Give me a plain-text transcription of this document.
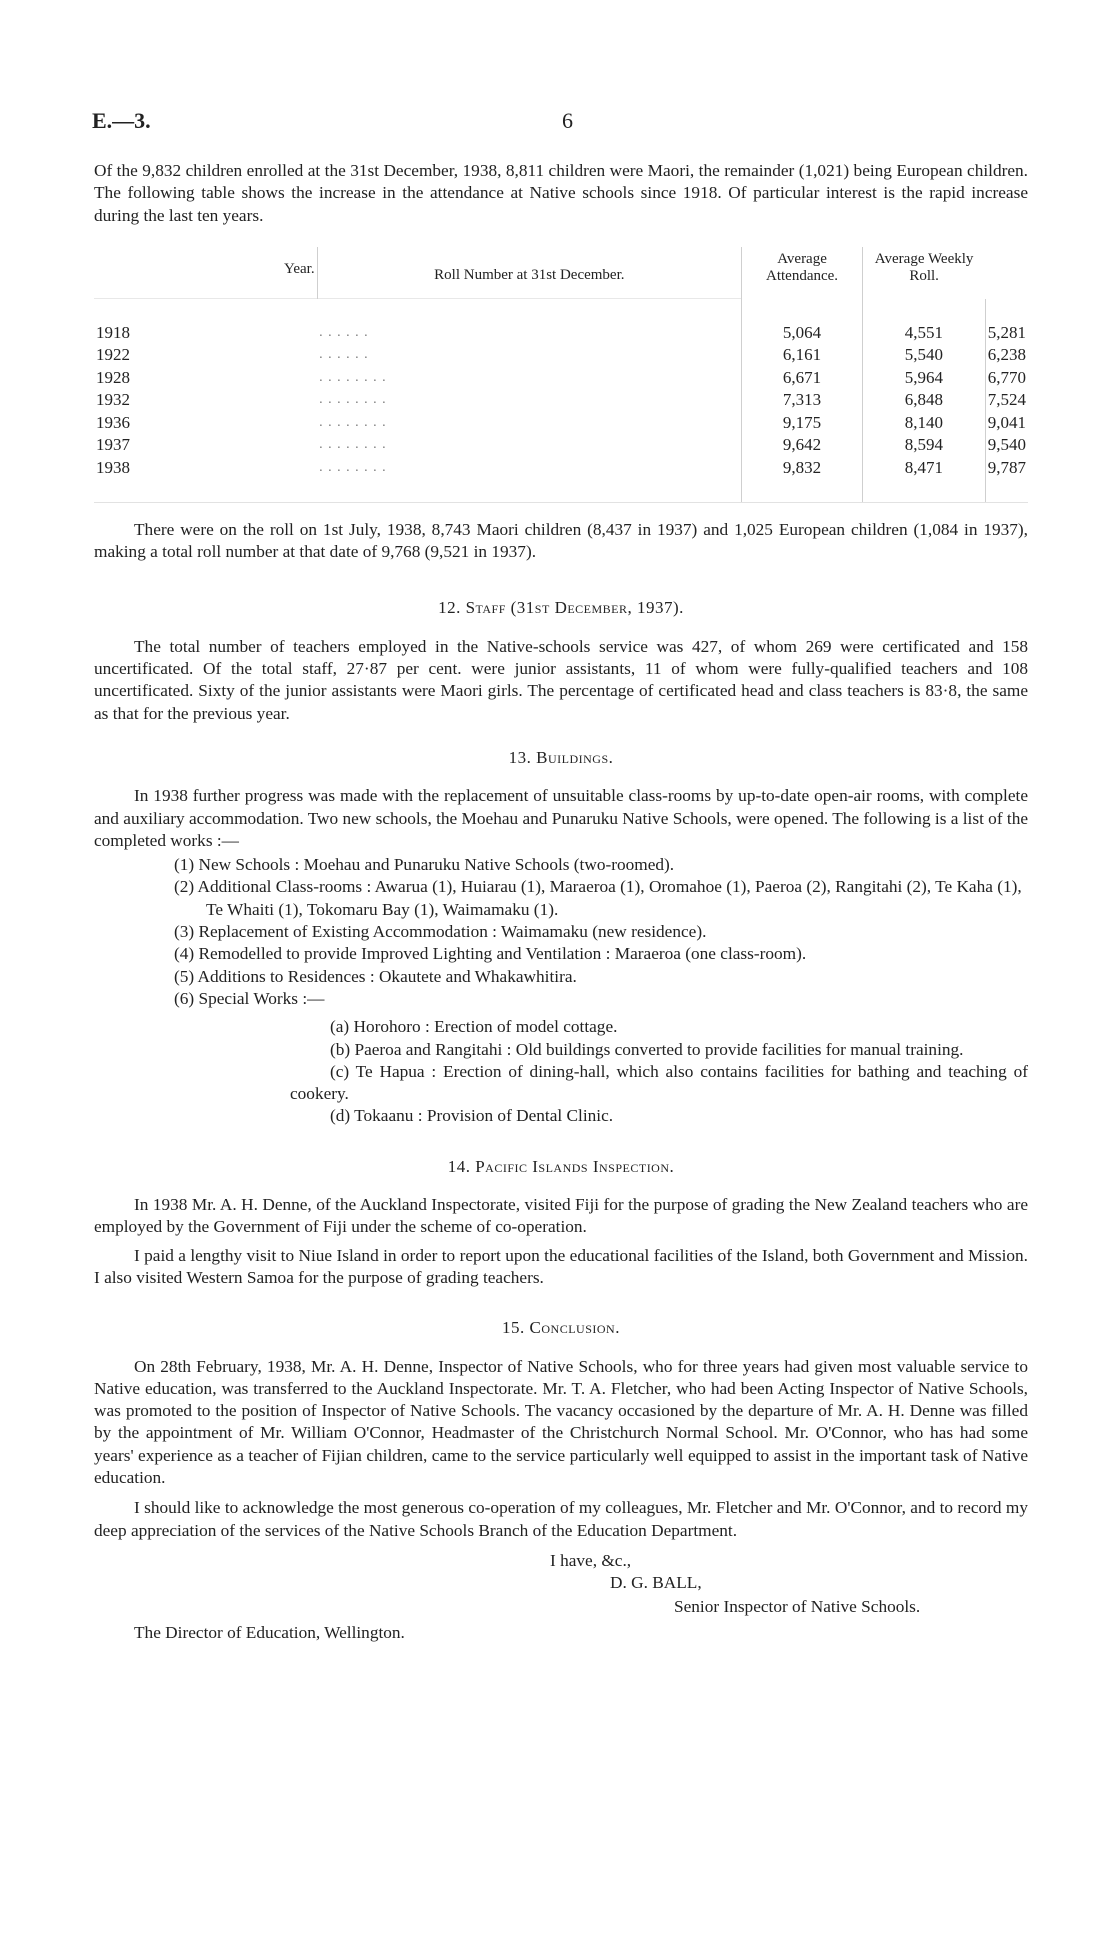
E.—3.	6

Of the 9,832 children enrolled at the 31st December, 1938, 8,811 children were Maori, the remainder (1,021) being European children. The following table shows the increase in the attendance at Native schools since 1918. Of particular interest is the rapid increase during the last ten years.

Year.	Roll Number at 31st December.	Average Attendance.	Average Weekly Roll.	

1918	. . . . . .	5,064	4,551	5,281
1922	. . . . . .	6,161	5,540	6,238
1928	. . . . . . . .	6,671	5,964	6,770
1932	. . . . . . . .	7,313	6,848	7,524
1936	. . . . . . . .	9,175	8,140	9,041
1937	. . . . . . . .	9,642	8,594	9,540
1938	. . . . . . . .	9,832	8,471	9,787

There were on the roll on 1st July, 1938, 8,743 Maori children (8,437 in 1937) and 1,025 European children (1,084 in 1937), making a total roll number at that date of 9,768 (9,521 in 1937).

12. Staff (31st December, 1937).

The total number of teachers employed in the Native-schools service was 427, of whom 269 were certificated and 158 uncertificated. Of the total staff, 27·87 per cent. were junior assistants, 11 of whom were fully-qualified teachers and 108 uncertificated. Sixty of the junior assistants were Maori girls. The percentage of certificated head and class teachers is 83·8, the same as that for the previous year.

13. Buildings.

In 1938 further progress was made with the replacement of unsuitable class-rooms by up-to-date open-air rooms, with complete and auxiliary accommodation. Two new schools, the Moehau and Punaruku Native Schools, were opened. The following is a list of the completed works :—

(1) New Schools : Moehau and Punaruku Native Schools (two-roomed).
(2) Additional Class-rooms : Awarua (1), Huiarau (1), Maraeroa (1), Oromahoe (1), Paeroa (2), Rangitahi (2), Te Kaha (1), Te Whaiti (1), Tokomaru Bay (1), Waimamaku (1).
(3) Replacement of Existing Accommodation : Waimamaku (new residence).
(4) Remodelled to provide Improved Lighting and Ventilation : Maraeroa (one class-room).
(5) Additions to Residences : Okautete and Whakawhitira.
(6) Special Works :—

(a) Horohoro : Erection of model cottage.

(b) Paeroa and Rangitahi : Old buildings converted to provide facilities for manual training.

(c) Te Hapua : Erection of dining-hall, which also contains facilities for bathing and teaching of cookery.

(d) Tokaanu : Provision of Dental Clinic.

14. Pacific Islands Inspection.

In 1938 Mr. A. H. Denne, of the Auckland Inspectorate, visited Fiji for the purpose of grading the New Zealand teachers who are employed by the Government of Fiji under the scheme of co-operation.

I paid a lengthy visit to Niue Island in order to report upon the educational facilities of the Island, both Government and Mission. I also visited Western Samoa for the purpose of grading teachers.

15. Conclusion.

On 28th February, 1938, Mr. A. H. Denne, Inspector of Native Schools, who for three years had given most valuable service to Native education, was transferred to the Auckland Inspectorate. Mr. T. A. Fletcher, who had been Acting Inspector of Native Schools, was promoted to the position of Inspector of Native Schools. The vacancy occasioned by the departure of Mr. A. H. Denne was filled by the appointment of Mr. William O'Connor, Headmaster of the Christchurch Normal School. Mr. O'Connor, who has had some years' experience as a teacher of Fijian children, came to the service particularly well equipped to assist in the important task of Native education.

I should like to acknowledge the most generous co-operation of my colleagues, Mr. Fletcher and Mr. O'Connor, and to record my deep appreciation of the services of the Native Schools Branch of the Education Department.

I have, &c.,
D. G. BALL,
Senior Inspector of Native Schools.
The Director of Education, Wellington.
